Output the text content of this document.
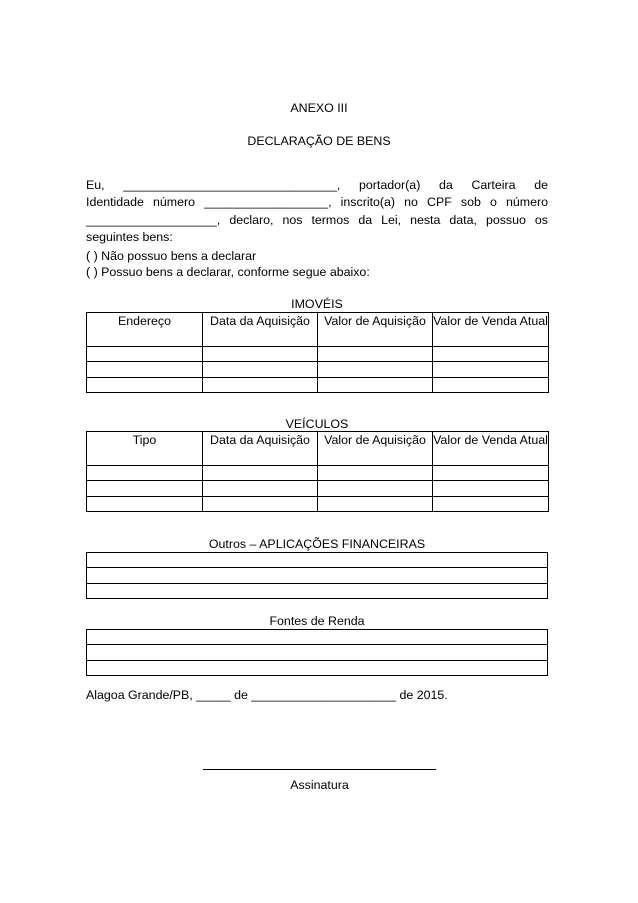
ANEXO III
DECLARAÇÃO DE BENS
Eu, _______________________________, portador(a) da Carteira de
Identidade número __________________, inscrito(a) no CPF sob o número
___________________, declaro, nos termos da Lei, nesta data, possuo os
seguintes bens:
( ) Não possuo bens a declarar
( ) Possuo bens a declarar, conforme segue abaixo:
IMOVÉIS
Endereço	Data da Aquisição	Valor de Aquisição	Valor de Venda Atual

VEÍCULOS
Tipo	Data da Aquisição	Valor de Aquisição	Valor de Venda Atual

Outros – APLICAÇÕES FINANCEIRAS

Fontes de Renda

Alagoa Grande/PB, _____ de _____________________ de 2015.
Assinatura
